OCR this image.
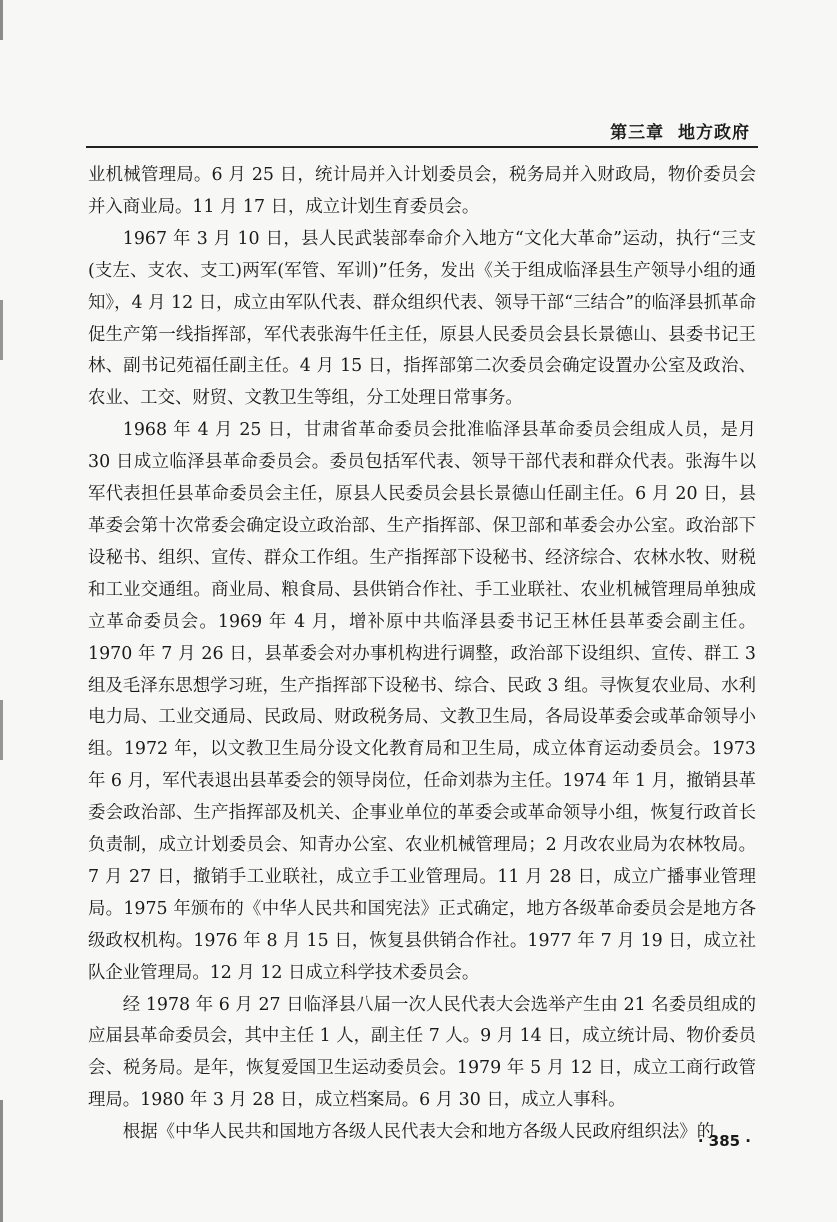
第三章  地方政府

业机械管理局。6 月 25 日，统计局并入计划委员会，税务局并入财政局，物价委员会并入商业局。11 月 17 日，成立计划生育委员会。

1967 年 3 月 10 日，县人民武装部奉命介入地方“文化大革命”运动，执行“三支(支左、支农、支工)两军(军管、军训)”任务，发出《关于组成临泽县生产领导小组的通知》，4 月 12 日，成立由军队代表、群众组织代表、领导干部“三结合”的临泽县抓革命促生产第一线指挥部，军代表张海牛任主任，原县人民委员会县长景德山、县委书记王林、副书记苑福任副主任。4 月 15 日，指挥部第二次委员会确定设置办公室及政治、农业、工交、财贸、文教卫生等组，分工处理日常事务。

1968 年 4 月 25 日，甘肃省革命委员会批准临泽县革命委员会组成人员，是月 30 日成立临泽县革命委员会。委员包括军代表、领导干部代表和群众代表。张海牛以军代表担任县革命委员会主任，原县人民委员会县长景德山任副主任。6 月 20 日，县革委会第十次常委会确定设立政治部、生产指挥部、保卫部和革委会办公室。政治部下设秘书、组织、宣传、群众工作组。生产指挥部下设秘书、经济综合、农林水牧、财税和工业交通组。商业局、粮食局、县供销合作社、手工业联社、农业机械管理局单独成立革命委员会。1969 年 4 月，增补原中共临泽县委书记王林任县革委会副主任。1970 年 7 月 26 日，县革委会对办事机构进行调整，政治部下设组织、宣传、群工 3 组及毛泽东思想学习班，生产指挥部下设秘书、综合、民政 3 组。寻恢复农业局、水利电力局、工业交通局、民政局、财政税务局、文教卫生局，各局设革委会或革命领导小组。1972 年，以文教卫生局分设文化教育局和卫生局，成立体育运动委员会。1973 年 6 月，军代表退出县革委会的领导岗位，任命刘恭为主任。1974 年 1 月，撤销县革委会政治部、生产指挥部及机关、企事业单位的革委会或革命领导小组，恢复行政首长负责制，成立计划委员会、知青办公室、农业机械管理局；2 月改农业局为农林牧局。7 月 27 日，撤销手工业联社，成立手工业管理局。11 月 28 日，成立广播事业管理局。1975 年颁布的《中华人民共和国宪法》正式确定，地方各级革命委员会是地方各级政权机构。1976 年 8 月 15 日，恢复县供销合作社。1977 年 7 月 19 日，成立社队企业管理局。12 月 12 日成立科学技术委员会。

经 1978 年 6 月 27 日临泽县八届一次人民代表大会选举产生由 21 名委员组成的应届县革命委员会，其中主任 1 人，副主任 7 人。9 月 14 日，成立统计局、物价委员会、税务局。是年，恢复爱国卫生运动委员会。1979 年 5 月 12 日，成立工商行政管理局。1980 年 3 月 28 日，成立档案局。6 月 30 日，成立人事科。

根据《中华人民共和国地方各级人民代表大会和地方各级人民政府组织法》的

· 385 ·
